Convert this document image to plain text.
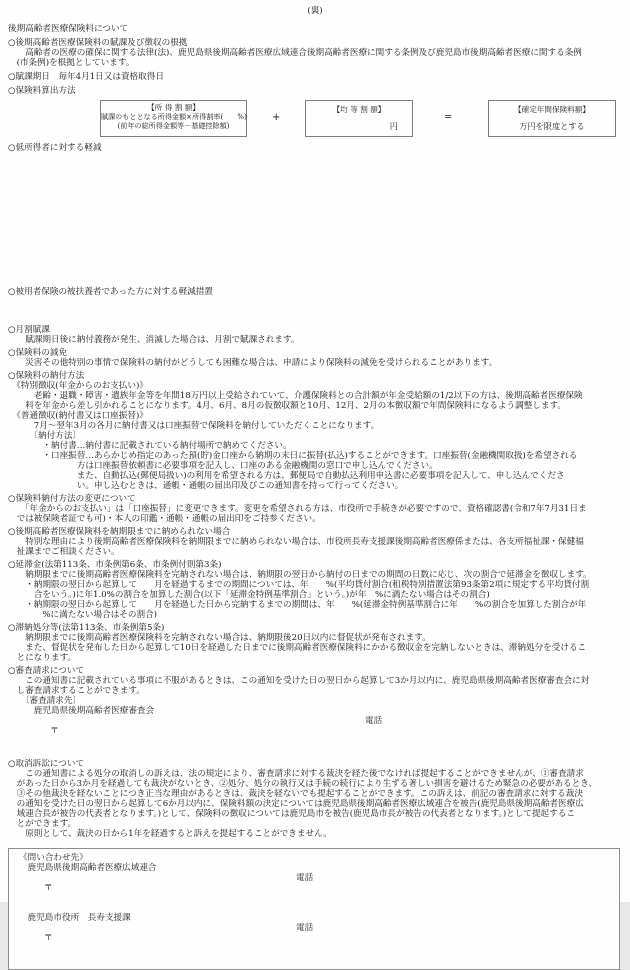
(裏)
後期高齢者医療保険料について
○後期高齢者医療保険料の賦課及び徴収の根拠
　　高齢者の医療の確保に関する法律(法)、鹿児島県後期高齢者医療広域連合後期高齢者医療に関する条例及び鹿児島市後期高齢者医療に関する条例
　(市条例)を根拠としています。
○賦課期日　毎年4月1日又は資格取得日
○保険料算出方法
【所 得 割 額】
賦課のもととなる所得金額×所得割率(　　%)
(前年の総所得金額等－基礎控除額)
+
【均 等 割 額】
円
=
【確定年間保険料額】
万円を限度とする
○低所得者に対する軽減
○被用者保険の被扶養者であった方に対する軽減措置
○月割賦課
　　賦課期日後に納付義務が発生、消滅した場合は、月割で賦課されます。
○保険料の減免
　　災害その他特別の事情で保険料の納付がどうしても困難な場合は、申請により保険料の減免を受けられることがあります。
○保険料の納付方法
　《特別徴収(年金からのお支払い)》
　　　老齢・退職・障害・遺族年金等を年間18万円以上受給されていて、介護保険料との合計額が年金受給額の1/2以下の方は、後期高齢者医療保険
　　料を年金から差し引かれることになります。4月、6月、8月の仮徴収額と10月、12月、2月の本徴収額で年間保険料になるよう調整します。
　《普通徴収(納付書又は口座振替)》
　　　7月～翌年3月の各月に納付書又は口座振替で保険料を納付していただくことになります。
　　　〔納付方法〕
　　　　・納付書…納付書に記載されている納付場所で納めてください。
　　　　・口座振替…あらかじめ指定のあった預(貯)金口座から納期の末日に振替(払込)することができます。口座振替(金融機関取扱)を希望される
　　　　　　　　方は口座振替依頼書に必要事項を記入し、口座のある金融機関の窓口で申し込んでください。
　　　　　　　　また、自動払込(郵便局扱い)の利用を希望される方は、郵便局で自動払込利用申込書に必要事項を記入して、申し込んでくださ
　　　　　　　　い。申し込むときは、通帳・通帳の届出印及びこの通知書を持って行ってください。
○保険料納付方法の変更について
　　「年金からのお支払い」は「口座振替」に変更できます。変更を希望される方は、市役所で手続きが必要ですので、資格確認書(令和7年7月31日ま
　では被保険者証でも可)・本人の印鑑・通帳・通帳の届出印をご持参ください。
○後期高齢者医療保険料を納期限までに納められない場合
　　特別な理由により後期高齢者医療保険料を納期限までに納められない場合は、市役所長寿支援課後期高齢者医療係または、各支所福祉課・保健福
　祉課までご相談ください。
○延滞金(法第113条、市条例第6条、市条例付則第3条)
　　納期限までに後期高齢者医療保険料を完納されない場合は、納期限の翌日から納付の日までの期間の日数に応じ、次の割合で延滞金を徴収します。
　　・納期限の翌日から起算して　　月を経過するまでの期間については、年　　%(平均貸付割合(租税特別措置法第93条第2項に規定する平均貸付割
　　　合をいう。)に年1.0%の割合を加算した割合(以下「延滞金特例基準割合」という。)が年　%に満たない場合はその割合)
　　・納期限の翌日から起算して　　月を経過した日から完納するまでの期間は、年　　%(延滞金特例基準割合に年　　%の割合を加算した割合が年
　　　　%に満たない場合はその割合)
○滞納処分等(法第113条、市条例第5条)
　　納期限までに後期高齢者医療保険料を完納されない場合は、納期限後20日以内に督促状が発布されます。
　　また、督促状を発布した日から起算して10日を経過した日までに後期高齢者医療保険料にかかる徴収金を完納しないときは、滞納処分を受けるこ
　とになります。
○審査請求について
　　この通知書に記載されている事項に不服があるときは、この通知を受けた日の翌日から起算して3か月以内に、鹿児島県後期高齢者医療審査会に対
　し審査請求することができます。
　　〔審査請求先〕
　　　鹿児島県後期高齢者医療審査会

　　　〒

電話

○取消訴訟について
　　この通知書による処分の取消しの訴えは、法の規定により、審査請求に対する裁決を経た後でなければ提起することができませんが、①審査請求
　があった日から3か月を経過しても裁決がないとき、②処分、処分の執行又は手続の続行により生ずる著しい損害を避けるため緊急の必要があるとき、
　③その他裁決を経ないことにつき正当な理由があるときは、裁決を経ないでも提起することができます。この訴えは、前記の審査請求に対する裁決
　の通知を受けた日の翌日から起算して6か月以内に、保険料額の決定については鹿児島県後期高齢者医療広域連合を被告(鹿児島県後期高齢者医療広
　域連合長が被告の代表者となります。)として、保険料の徴収については鹿児島市を被告(鹿児島市長が被告の代表者となります。)として提起するこ
　とができます。
　　原則として、裁決の日から1年を経過すると訴えを提起することができません。
《問い合わせ先》
　鹿児島県後期高齢者医療広域連合

　〒

電話

　鹿児島市役所　長寿支援課

　〒

電話
